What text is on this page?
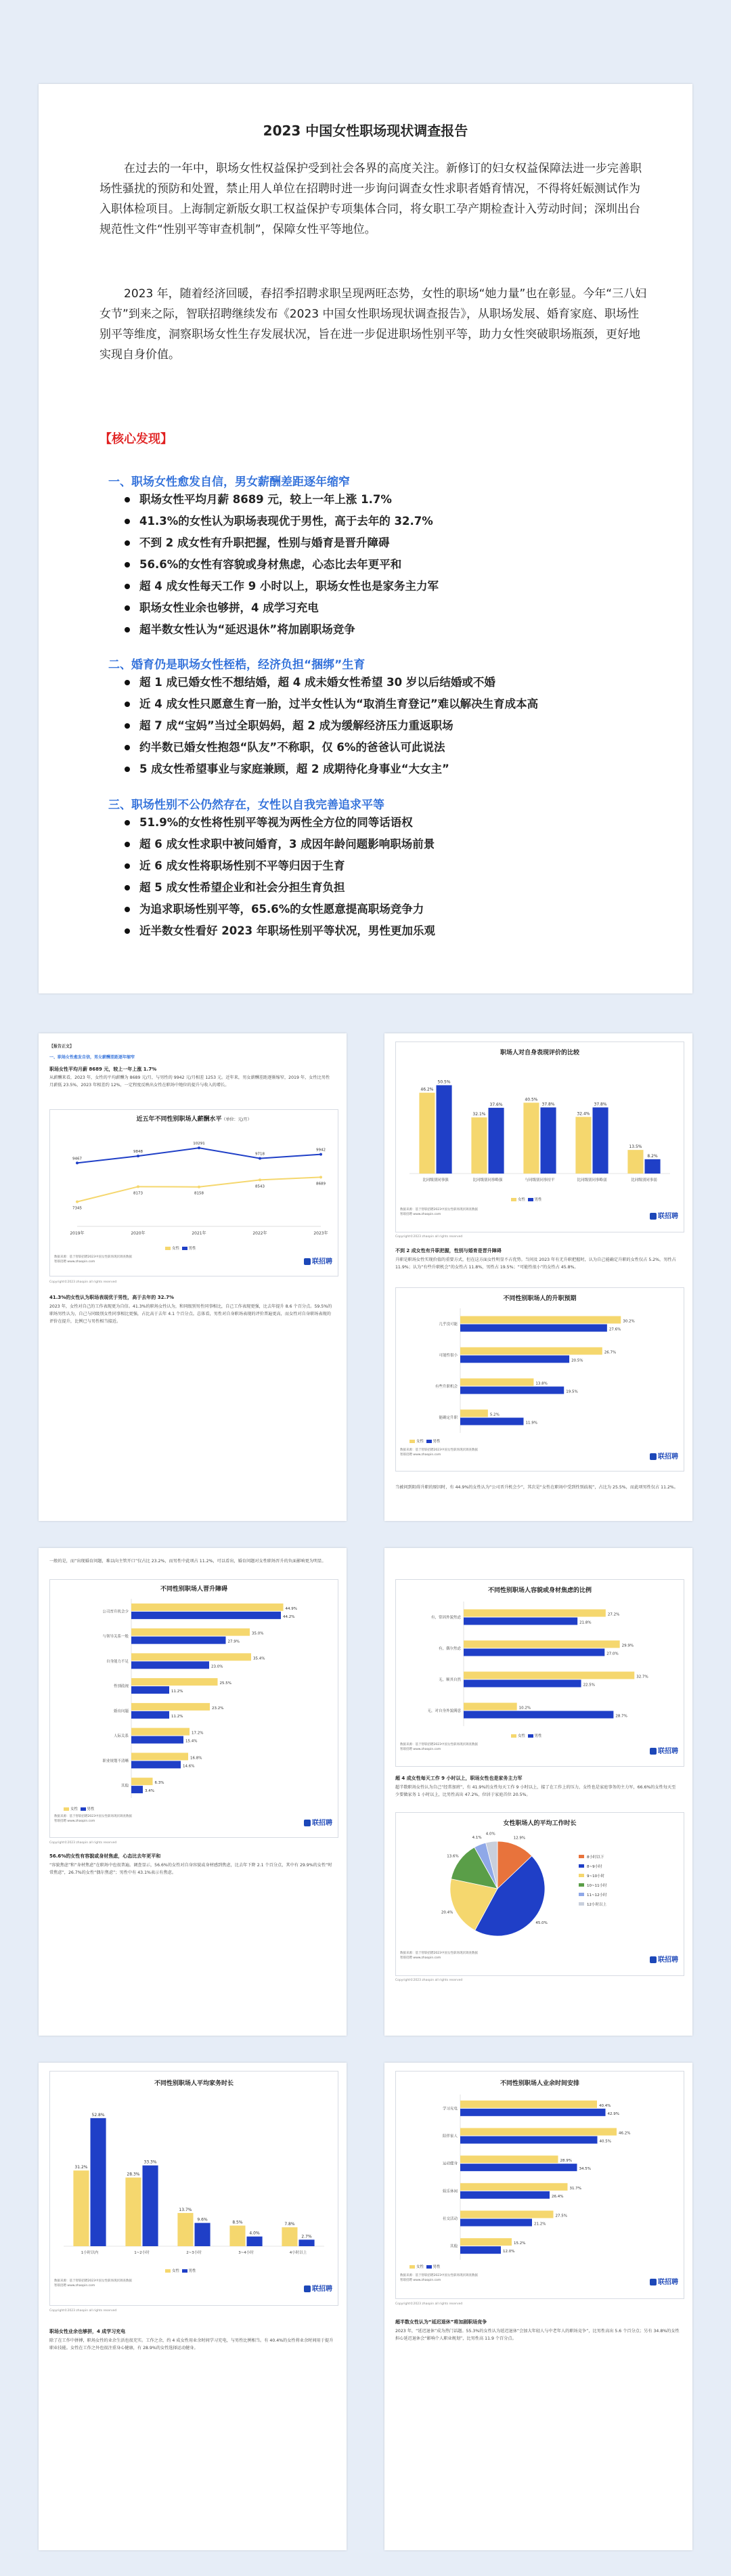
2023 中国女性职场现状调查报告

在过去的一年中，职场女性权益保护受到社会各界的高度关注。新修订的妇女权益保障法进一步完善职场性骚扰的预防和处置，禁止用人单位在招聘时进一步询问调查女性求职者婚育情况，不得将妊娠测试作为入职体检项目。上海制定新版女职工权益保护专项集体合同，将女职工孕产期检查计入劳动时间；深圳出台规范性文件“性别平等审查机制”，保障女性平等地位。

2023 年，随着经济回暖，春招季招聘求职呈现两旺态势，女性的职场“她力量”也在彰显。今年“三八妇女节”到来之际，智联招聘继续发布《2023 中国女性职场现状调查报告》，从职场发展、婚育家庭、职场性别平等维度，洞察职场女性生存发展状况，旨在进一步促进职场性别平等，助力女性突破职场瓶颈，更好地实现自身价值。

【核心发现】
一、职场女性愈发自信，男女薪酬差距逐年缩窄
职场女性平均月薪 8689 元，较上一年上涨 1.7%
41.3%的女性认为职场表现优于男性，高于去年的 32.7%
不到 2 成女性有升职把握，性别与婚育是晋升障碍
56.6%的女性有容貌或身材焦虑，心态比去年更平和
超 4 成女性每天工作 9 小时以上，职场女性也是家务主力军
职场女性业余也够拼，4 成学习充电
超半数女性认为“延迟退休”将加剧职场竞争
二、婚育仍是职场女性桎梏，经济负担“捆绑”生育
超 1 成已婚女性不想结婚，超 4 成未婚女性希望 30 岁以后结婚或不婚
近 4 成女性只愿意生育一胎，过半女性认为“取消生育登记”难以解决生育成本高
超 7 成“宝妈”当过全职妈妈，超 2 成为缓解经济压力重返职场
约半数已婚女性抱怨“队友”不称职，仅 6%的爸爸认可此说法
5 成女性希望事业与家庭兼顾，超 2 成期待化身事业“大女主”
三、职场性别不公仍然存在，女性以自我完善追求平等
51.9%的女性将性别平等视为两性全方位的同等话语权
超 6 成女性求职中被问婚育，3 成因年龄问题影响职场前景
近 6 成女性将职场性别不平等归因于生育
超 5 成女性希望企业和社会分担生育负担
为追求职场性别平等，65.6%的女性愿意提高职场竞争力
近半数女性看好 2023 年职场性别平等状况，男性更加乐观
【报告正文】
一、职场女性愈发自信，男女薪酬差距逐年缩窄
职场女性平均月薪 8689 元，较上一年上涨 1.7%
从薪酬来看，2023 年，女性的平均薪酬为 8689 元/月，与男性的 9942 元/月相差 1253 元。近年来，男女薪酬差距逐渐缩窄，2019 年，女性比男性月薪低 23.5%，2023 年相差约 12%，一定程度反映出女性在职场中地位的提升与收入的增长。
近五年不同性别职场人薪酬水平（单位：元/月）
2019年	2020年	2021年	2022年	2023年
7345
8173	8158
8543
8689
9467
9848
10291
9718
9942
女性 男性
数据来源：基于智联招聘2023中国女性职场现状调查数据
智联招聘 www.zhaopin.com	联招聘
Copyright©2023 zhaopin all rights reserved
41.3%的女性认为职场表现优于男性，高于去年的 32.7%
2023 年，女性对自己的工作表现更为自信。41.3%的职场女性认为，和同级别男性同事相比，自己工作表现更强，比去年提升 8.6 个百分点。59.5%的职场男性认为，自己与同级别女性同事相比更强，占比高于去年 4.1 个百分点。总体看，男性对自身职场表现的评价普遍更高，而女性对自身职场表现的评价在提升，比例已与男性相当接近。
职场人对自身表现评价的比较
46.2%
50.5%
比同级别同事强
32.1%
37.6%
比同级别同事略强
40.5%
37.8%
与同级别同事持平
32.4%
37.8%
比同级别同事略弱
13.5%
8.2%
比同级别同事弱
女性 男性
数据来源：基于智联招聘2023中国女性职场现状调查数据
智联招聘 www.zhaopin.com	联招聘
Copyright©2023 zhaopin all rights reserved
不到 2 成女性有升职把握，性别与婚育是晋升障碍
升职是职场女性实现价值的重要方式，但在这方面女性明显不占优势。当问及 2023 年有无升职把握时，认为自己能确定升职的女性仅占 5.2%，男性占 11.9%；认为“有些升职机会”的女性占 11.8%，男性占 19.5%；“可能性很小”的女性占 45.8%。
不同性别职场人的升职预期
几乎没可能
30.2%
27.6%
可能性很小
26.7%
20.5%
有些升职机会
13.8%
19.5%
能确定升职
5.2%
11.9%
女性 男性
数据来源：基于智联招聘2023中国女性职场现状调查数据
智联招聘 www.zhaopin.com	联招聘
当被问到阻碍升职的原因时，有 44.9%的女性认为“公司晋升机会少”，其次是“女性在职场中受到性别歧视”，占比为 25.5%，而此项男性仅占 11.2%。
一般的是，而“出现婚育问题，难以向主管开口”仅占比 23.2%，而男性中此项占 11.2%，可以看出，婚育问题对女性职场晋升的负面影响更为明显。
不同性别职场人晋升障碍
公司晋升机会少
44.9%
44.2%
与领导关系一般
35.0%
27.9%
自身能力不足
35.4%
23.0%
性别歧视
25.5%
11.2%
婚育问题
23.2%
11.2%
人际关系
17.2%
15.4%
职业规划不清晰
16.8%
14.6%
其他
6.3%
3.4%
女性 男性
数据来源：基于智联招聘2023中国女性职场现状调查数据
智联招聘 www.zhaopin.com	联招聘
Copyright©2023 zhaopin all rights reserved
56.6%的女性有容貌或身材焦虑，心态比去年更平和
“容貌焦虑”和“身材焦虑”在职场中也很普遍。调查显示，56.6%的女性对自身容貌或身材感到焦虑，比去年下降 2.1 个百分点，其中有 29.9%的女性“时常焦虑”，26.7%的女性“偶尔焦虑”；男性中有 43.1%表示有焦虑。
不同性别职场人容貌或身材焦虑的比例
有，常因外貌焦虑
27.2%
21.8%
有，偶尔焦虑
29.9%
27.0%
无，顺其自然
32.7%
22.5%
无，对自身外貌满意
10.2%
28.7%
女性 男性
数据来源：基于智联招聘2023中国女性职场现状调查数据
智联招聘 www.zhaopin.com	联招聘
超 4 成女性每天工作 9 小时以上，职场女性也是家务主力军
超半数职场女性认为自己“经常加班”，有 41.9%的女性每天工作 9 小时以上，接了在工作上的压力，女性也是家庭事务的主力军，66.6%的女性每天至少要做家务 1 小时以上，比男性高出 47.2%，位居于家庭首位 20.5%。
女性职场人的平均工作时长
12.9%
8小时以下
45.0%
8~9小时
20.4%
9~10小时
13.6%
10~11小时
4.1%
11~12小时
4.0%
12小时以上
数据来源：基于智联招聘2023中国女性职场现状调查数据
智联招聘 www.zhaopin.com	联招聘
Copyright©2023 zhaopin all rights reserved
不同性别职场人平均家务时长
31.2%
52.8%
1小时以内
28.3%
33.3%
1~2小时
13.7%
9.6%
2~3小时
8.5%
4.0%
3~4小时
7.8%
2.7%
4小时以上
女性 男性
数据来源：基于智联招聘2023中国女性职场现状调查数据
智联招聘 www.zhaopin.com	联招聘
Copyright©2023 zhaopin all rights reserved
职场女性业余也够拼，4 成学习充电
除了在工作中拼搏，职场女性的业余生活也很充实。工作之余，约 4 成女性用业余时间学习充电，与男性比例相当。有 40.4%的女性将业余时间用于提升职业技能。女性在工作之外也很注重身心健康，有 28.9%的女性选择运动健身。
不同性别职场人业余时间安排
学习充电
40.4%
42.9%
陪伴家人
46.2%
40.5%
运动健身
28.9%
34.5%
娱乐休闲
31.7%
26.4%
社交活动
27.5%
21.2%
其他
15.2%
12.0%
女性 男性
数据来源：基于智联招聘2023中国女性职场现状调查数据
智联招聘 www.zhaopin.com	联招聘
Copyright©2023 zhaopin all rights reserved
超半数女性认为“延迟退休”将加剧职场竞争
2023 年，“延迟退休”成为热门话题。55.3%的女性认为延迟退休“会加大年轻人与中老年人的职场竞争”，比男性高出 5.6 个百分点；另有 34.8%的女性担心延迟退休会“影响个人职业规划”，比男性高 11.9 个百分点。
